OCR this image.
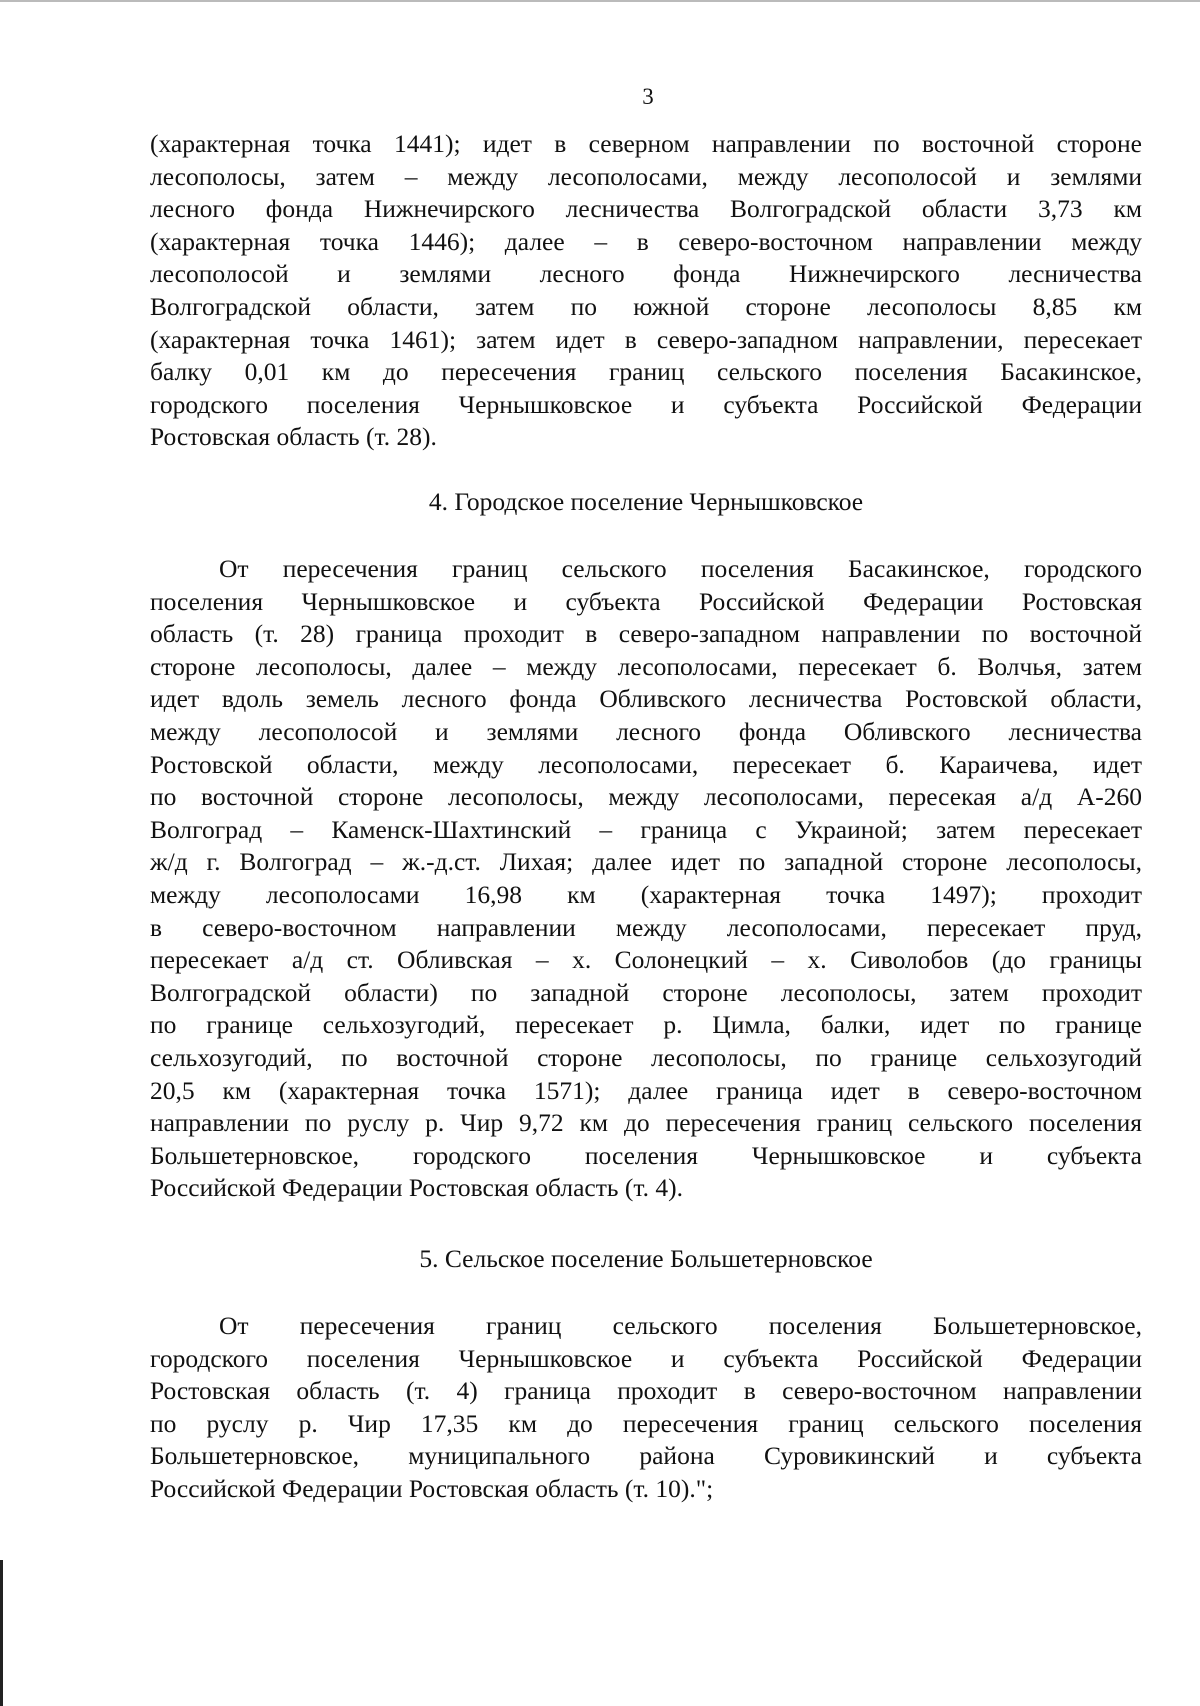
3
(характерная точка 1441); идет в северном направлении по восточной стороне
лесополосы, затем – между лесополосами, между лесополосой и землями
лесного фонда Нижнечирского лесничества Волгоградской области 3,73 км
(характерная точка 1446); далее – в северо-восточном направлении между
лесополосой и землями лесного фонда Нижнечирского лесничества
Волгоградской области, затем по южной стороне лесополосы 8,85 км
(характерная точка 1461); затем идет в северо-западном направлении, пересекает
балку 0,01 км до пересечения границ сельского поселения Басакинское,
городского поселения Чернышковское и субъекта Российской Федерации
Ростовская область (т. 28).
4. Городское поселение Чернышковское
От пересечения границ сельского поселения Басакинское, городского
поселения Чернышковское и субъекта Российской Федерации Ростовская
область (т. 28) граница проходит в северо-западном направлении по восточной
стороне лесополосы, далее – между лесополосами, пересекает б. Волчья, затем
идет вдоль земель лесного фонда Обливского лесничества Ростовской области,
между лесополосой и землями лесного фонда Обливского лесничества
Ростовской области, между лесополосами, пересекает б. Караичева, идет
по восточной стороне лесополосы, между лесополосами, пересекая а/д А-260
Волгоград – Каменск-Шахтинский – граница с Украиной; затем пересекает
ж/д г. Волгоград – ж.-д.ст. Лихая; далее идет по западной стороне лесополосы,
между лесополосами 16,98 км (характерная точка 1497); проходит
в северо-восточном направлении между лесополосами, пересекает пруд,
пересекает а/д ст. Обливская – х. Солонецкий – х. Сиволобов (до границы
Волгоградской области) по западной стороне лесополосы, затем проходит
по границе сельхозугодий, пересекает р. Цимла, балки, идет по границе
сельхозугодий, по восточной стороне лесополосы, по границе сельхозугодий
20,5 км (характерная точка 1571); далее граница идет в северо-восточном
направлении по руслу р. Чир 9,72 км до пересечения границ сельского поселения
Большетерновское, городского поселения Чернышковское и субъекта
Российской Федерации Ростовская область (т. 4).
5. Сельское поселение Большетерновское
От пересечения границ сельского поселения Большетерновское,
городского поселения Чернышковское и субъекта Российской Федерации
Ростовская область (т. 4) граница проходит в северо-восточном направлении
по руслу р. Чир 17,35 км до пересечения границ сельского поселения
Большетерновское, муниципального района Суровикинский и субъекта
Российской Федерации Ростовская область (т. 10).";
